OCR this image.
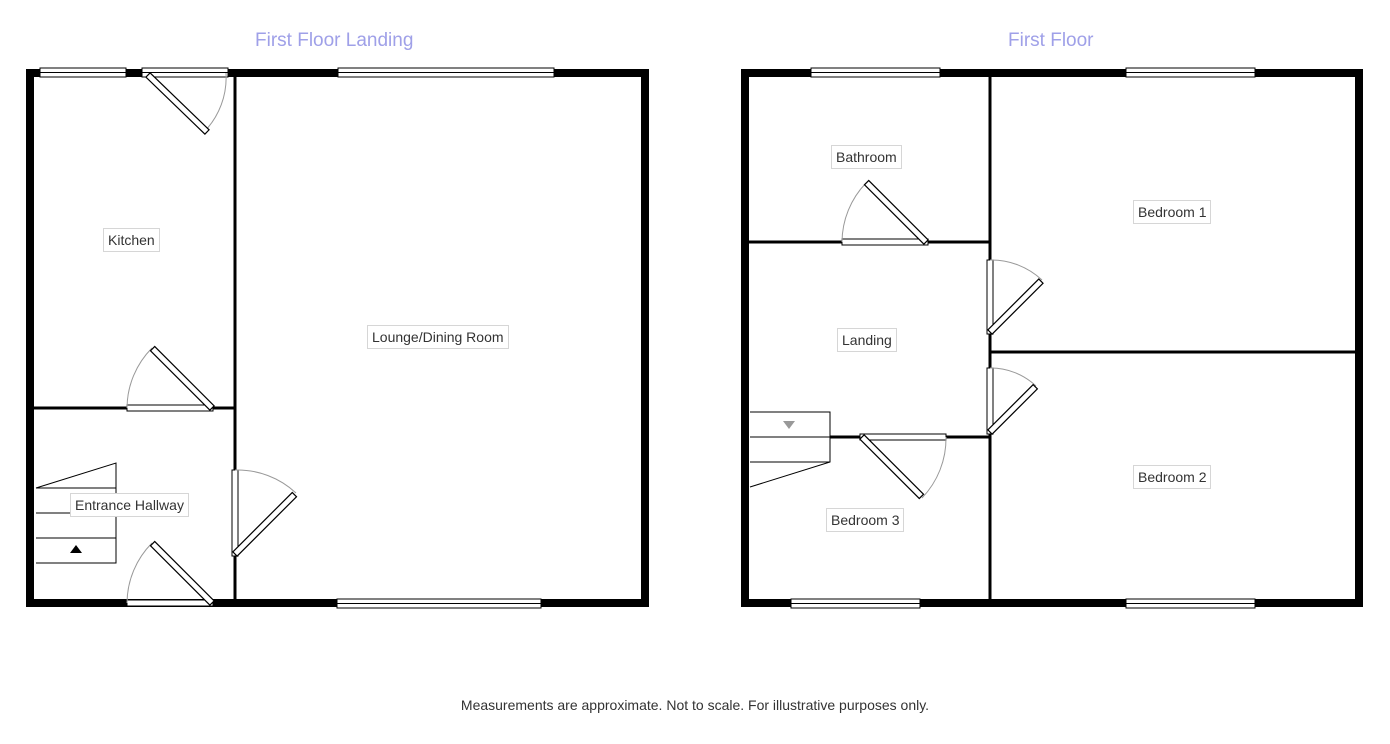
First Floor Landing	First Floor
Kitchen
Lounge/Dining Room
Entrance Hallway
Bathroom
Bedroom 1
Landing
Bedroom 2
Bedroom 3
Measurements are approximate. Not to scale. For illustrative purposes only.
